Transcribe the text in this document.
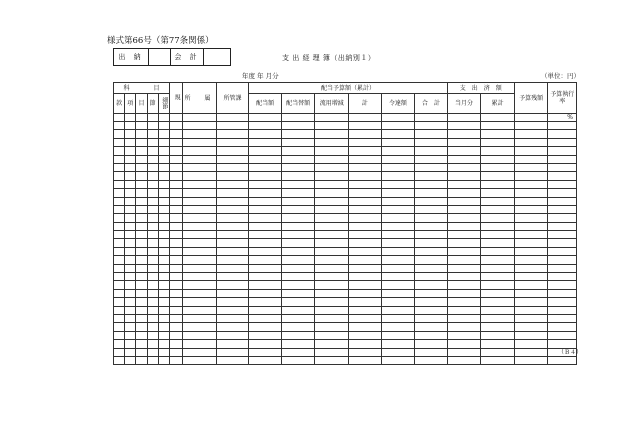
様式第66号（第77条関係）
出 納	会 計	支 出 経 理 簿（出納別１）
年度 年 月分	（単位：円）
科　　　　目					規	所　属	所管課	配当予算額（累計）						支　出　済　額		予算残額	予算執行率
款	項	目	節	細節				配当額	配当替額	流用増減	計	令達額	合　計	当月分	累計		
																	%

（Ｂ４）
